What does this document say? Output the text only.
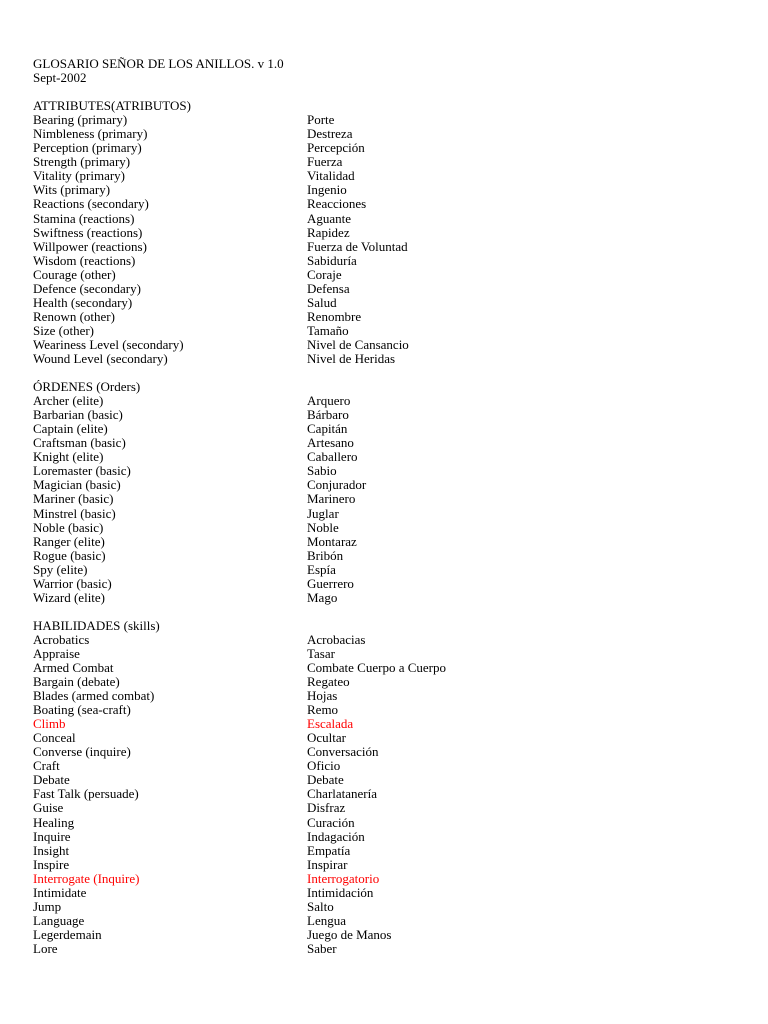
GLOSARIO SEÑOR DE LOS ANILLOS. v 1.0
Sept-2002
ATTRIBUTES(ATRIBUTOS)
Bearing (primary)	Porte
Nimbleness (primary)	Destreza
Perception (primary)	Percepción
Strength (primary)	Fuerza
Vitality (primary)	Vitalidad
Wits (primary)	Ingenio
Reactions (secondary)	Reacciones
Stamina (reactions)	Aguante
Swiftness (reactions)	Rapidez
Willpower (reactions)	Fuerza de Voluntad
Wisdom (reactions)	Sabiduría
Courage (other)	Coraje
Defence (secondary)	Defensa
Health (secondary)	Salud
Renown (other)	Renombre
Size (other)	Tamaño
Weariness Level (secondary)	Nivel de Cansancio
Wound Level (secondary)	Nivel de Heridas
ÓRDENES (Orders)
Archer (elite)	Arquero
Barbarian (basic)	Bárbaro
Captain (elite)	Capitán
Craftsman (basic)	Artesano
Knight (elite)	Caballero
Loremaster (basic)	Sabio
Magician (basic)	Conjurador
Mariner (basic)	Marinero
Minstrel (basic)	Juglar
Noble (basic)	Noble
Ranger (elite)	Montaraz
Rogue (basic)	Bribón
Spy (elite)	Espía
Warrior (basic)	Guerrero
Wizard (elite)	Mago
HABILIDADES (skills)
Acrobatics	Acrobacias
Appraise	Tasar
Armed Combat	Combate Cuerpo a Cuerpo
Bargain (debate)	Regateo
Blades (armed combat)	Hojas
Boating (sea-craft)	Remo
Climb	Escalada
Conceal	Ocultar
Converse (inquire)	Conversación
Craft	Oficio
Debate	Debate
Fast Talk (persuade)	Charlatanería
Guise	Disfraz
Healing	Curación
Inquire	Indagación
Insight	Empatía
Inspire	Inspirar
Interrogate (Inquire)	Interrogatorio
Intimidate	Intimidación
Jump	Salto
Language	Lengua
Legerdemain	Juego de Manos
Lore	Saber
